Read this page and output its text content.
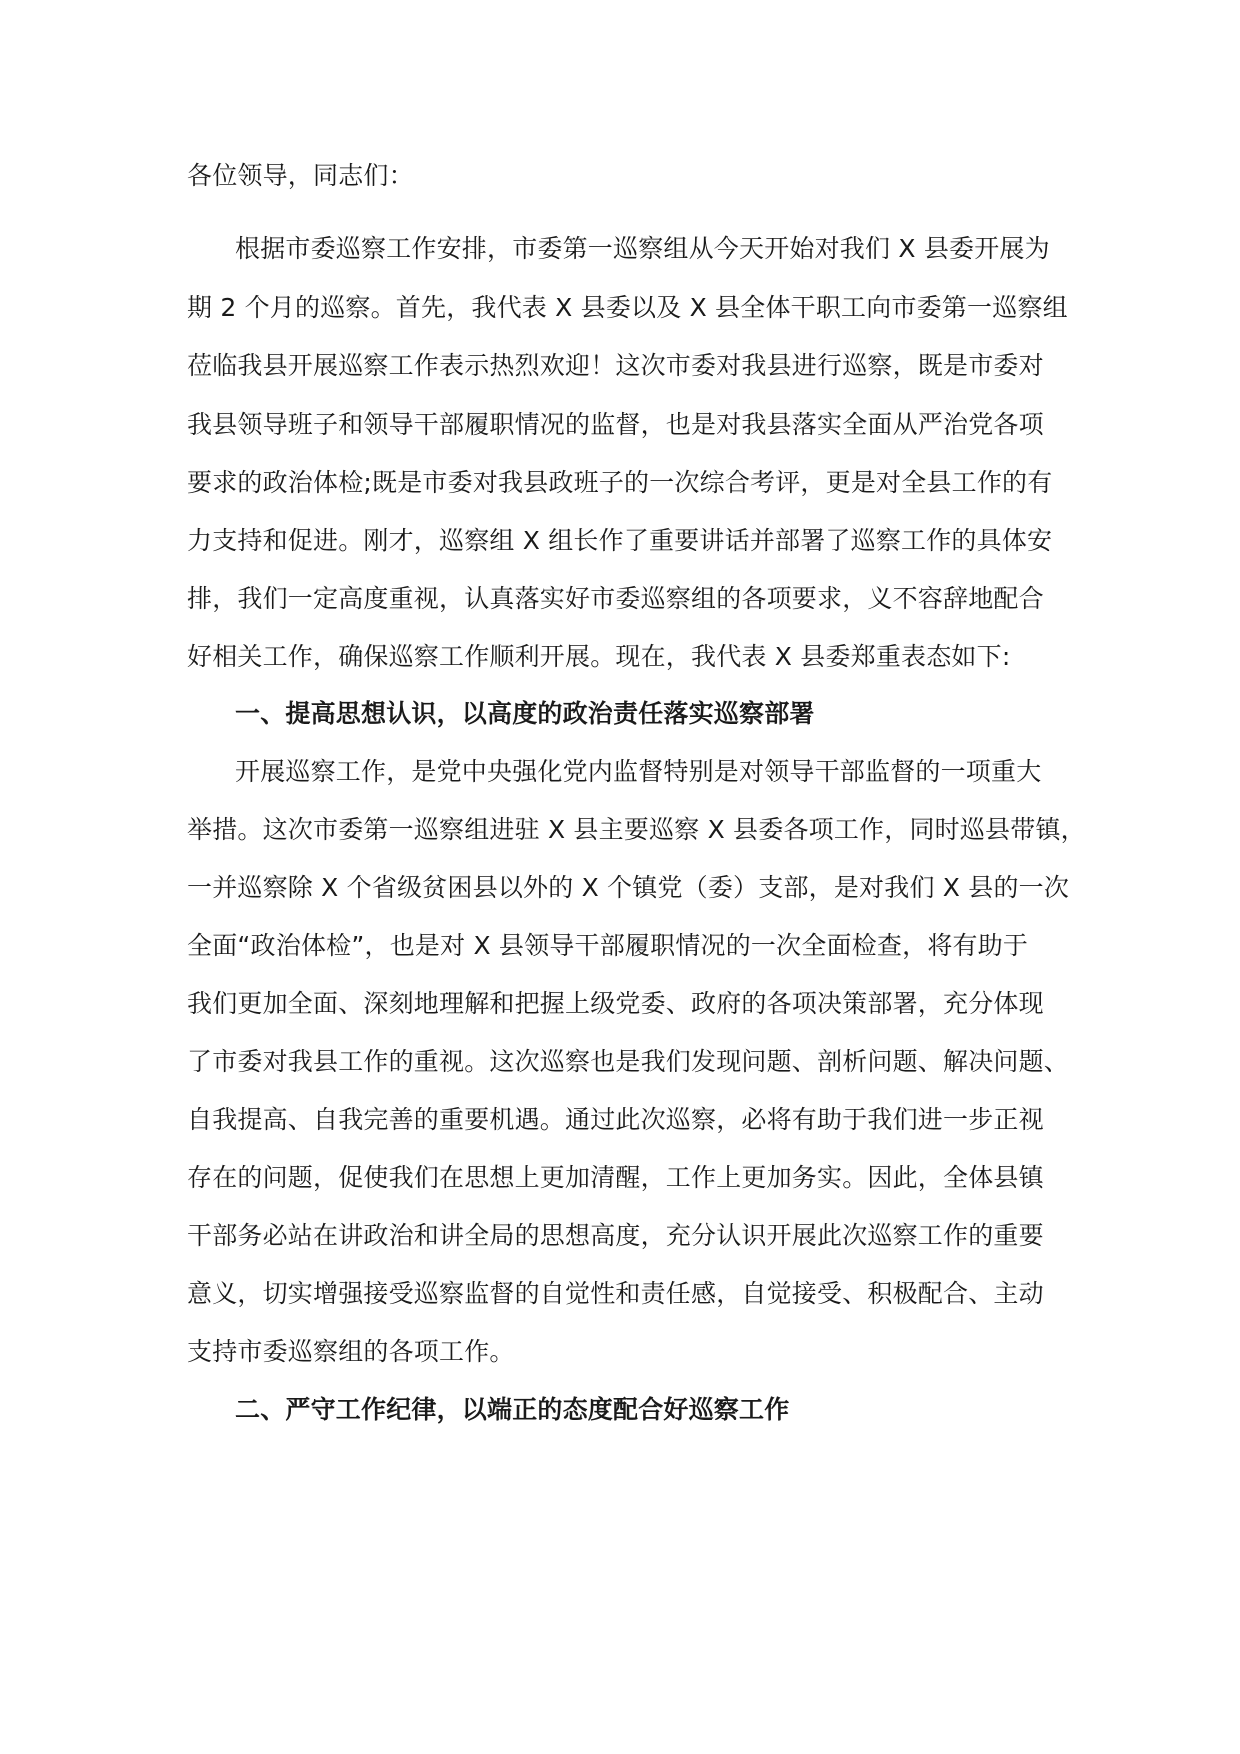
各位领导，同志们：
根据市委巡察工作安排，市委第一巡察组从今天开始对我们 X 县委开展为
期 2 个月的巡察。首先，我代表 X 县委以及 X 县全体干职工向市委第一巡察组
莅临我县开展巡察工作表示热烈欢迎！这次市委对我县进行巡察，既是市委对
我县领导班子和领导干部履职情况的监督，也是对我县落实全面从严治党各项
要求的政治体检;既是市委对我县政班子的一次综合考评，更是对全县工作的有
力支持和促进。刚才，巡察组 X 组长作了重要讲话并部署了巡察工作的具体安
排，我们一定高度重视，认真落实好市委巡察组的各项要求，义不容辞地配合
好相关工作，确保巡察工作顺利开展。现在，我代表 X 县委郑重表态如下:
一、提高思想认识，以高度的政治责任落实巡察部署
开展巡察工作，是党中央强化党内监督特别是对领导干部监督的一项重大
举措。这次市委第一巡察组进驻 X 县主要巡察 X 县委各项工作，同时巡县带镇，
一并巡察除 X 个省级贫困县以外的 X 个镇党（委）支部，是对我们 X 县的一次
全面“政治体检”，也是对 X 县领导干部履职情况的一次全面检查，将有助于
我们更加全面、深刻地理解和把握上级党委、政府的各项决策部署，充分体现
了市委对我县工作的重视。这次巡察也是我们发现问题、剖析问题、解决问题、
自我提高、自我完善的重要机遇。通过此次巡察，必将有助于我们进一步正视
存在的问题，促使我们在思想上更加清醒，工作上更加务实。因此，全体县镇
干部务必站在讲政治和讲全局的思想高度，充分认识开展此次巡察工作的重要
意义，切实增强接受巡察监督的自觉性和责任感，自觉接受、积极配合、主动
支持市委巡察组的各项工作。
二、严守工作纪律，以端正的态度配合好巡察工作
